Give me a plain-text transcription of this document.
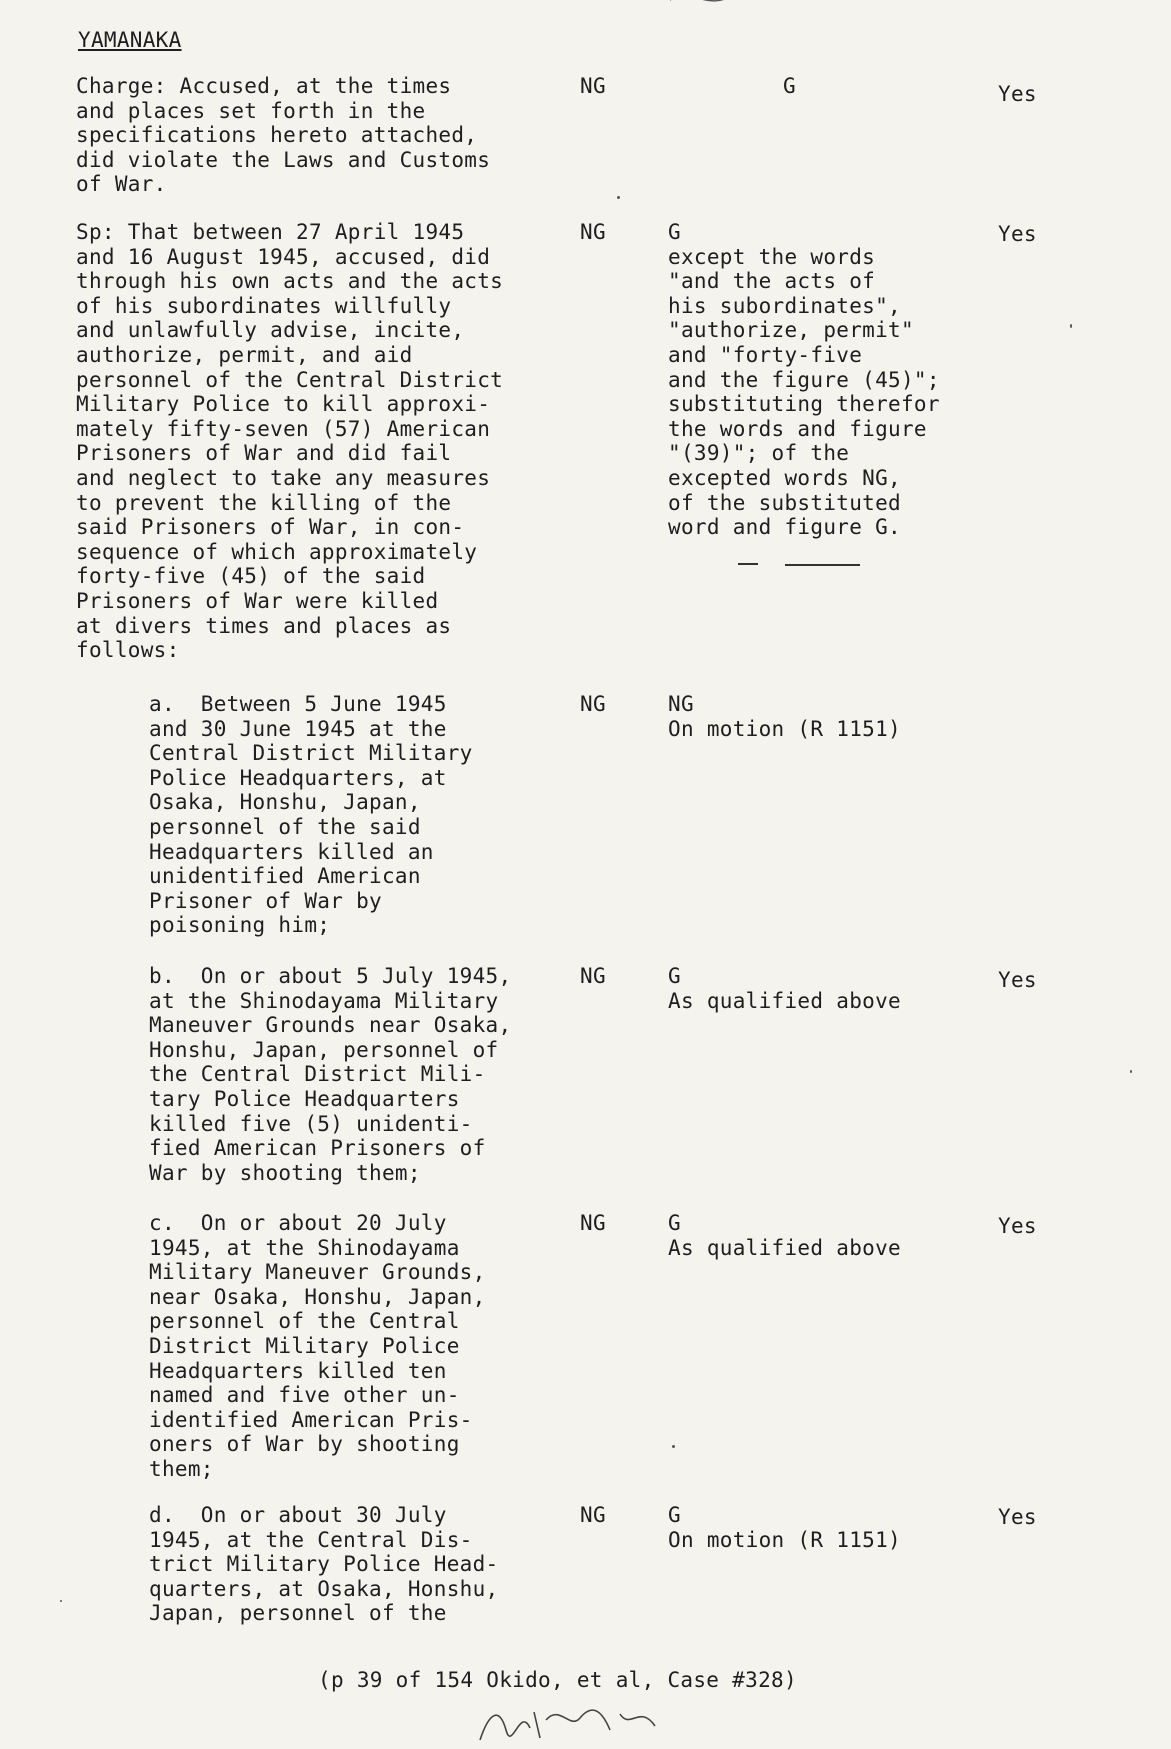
YAMANAKA

Charge: Accused, at the times
and places set forth in the
specifications hereto attached,
did violate the Laws and Customs
of War.

NG	G	Yes

Sp: That between 27 April 1945
and 16 August 1945, accused, did
through his own acts and the acts
of his subordinates willfully
and unlawfully advise, incite,
authorize, permit, and aid
personnel of the Central District
Military Police to kill approxi-
mately fifty-seven (57) American
Prisoners of War and did fail
and neglect to take any measures
to prevent the killing of the
said Prisoners of War, in con-
sequence of which approximately
forty-five (45) of the said
Prisoners of War were killed
at divers times and places as
follows:

NG	G
except the words
"and the acts of
his subordinates",
"authorize, permit"
and "forty-five
and the figure (45)";
substituting therefor
the words and figure
"(39)"; of the
excepted words NG,
of the substituted
word and figure G.

Yes

a.  Between 5 June 1945
and 30 June 1945 at the
Central District Military
Police Headquarters, at
Osaka, Honshu, Japan,
personnel of the said
Headquarters killed an
unidentified American
Prisoner of War by
poisoning him;

NG	NG
On motion (R 1151)

b.  On or about 5 July 1945,
at the Shinodayama Military
Maneuver Grounds near Osaka,
Honshu, Japan, personnel of
the Central District Mili-
tary Police Headquarters
killed five (5) unidenti-
fied American Prisoners of
War by shooting them;

NG	G
As qualified above

Yes

c.  On or about 20 July
1945, at the Shinodayama
Military Maneuver Grounds,
near Osaka, Honshu, Japan,
personnel of the Central
District Military Police
Headquarters killed ten
named and five other un-
identified American Pris-
oners of War by shooting
them;

NG	G
As qualified above

Yes

d.  On or about 30 July
1945, at the Central Dis-
trict Military Police Head-
quarters, at Osaka, Honshu,
Japan, personnel of the

NG	G
On motion (R 1151)

Yes

(p 39 of 154 Okido, et al, Case #328)
